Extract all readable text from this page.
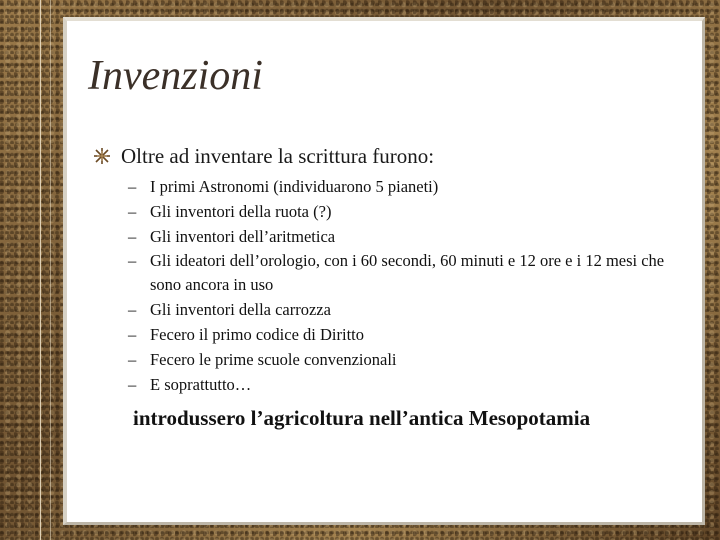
Invenzioni
Oltre ad inventare la scrittura furono:
– I primi Astronomi (individuarono 5 pianeti)
– Gli inventori della ruota (?)
– Gli inventori dell’aritmetica
– Gli ideatori dell’orologio, con i 60 secondi, 60 minuti e 12 ore e i 12 mesi che sono ancora in uso
– Gli inventori della carrozza
– Fecero il primo codice di Diritto
– Fecero le prime scuole convenzionali
– E soprattutto…
introdussero l’agricoltura nell’antica Mesopotamia
